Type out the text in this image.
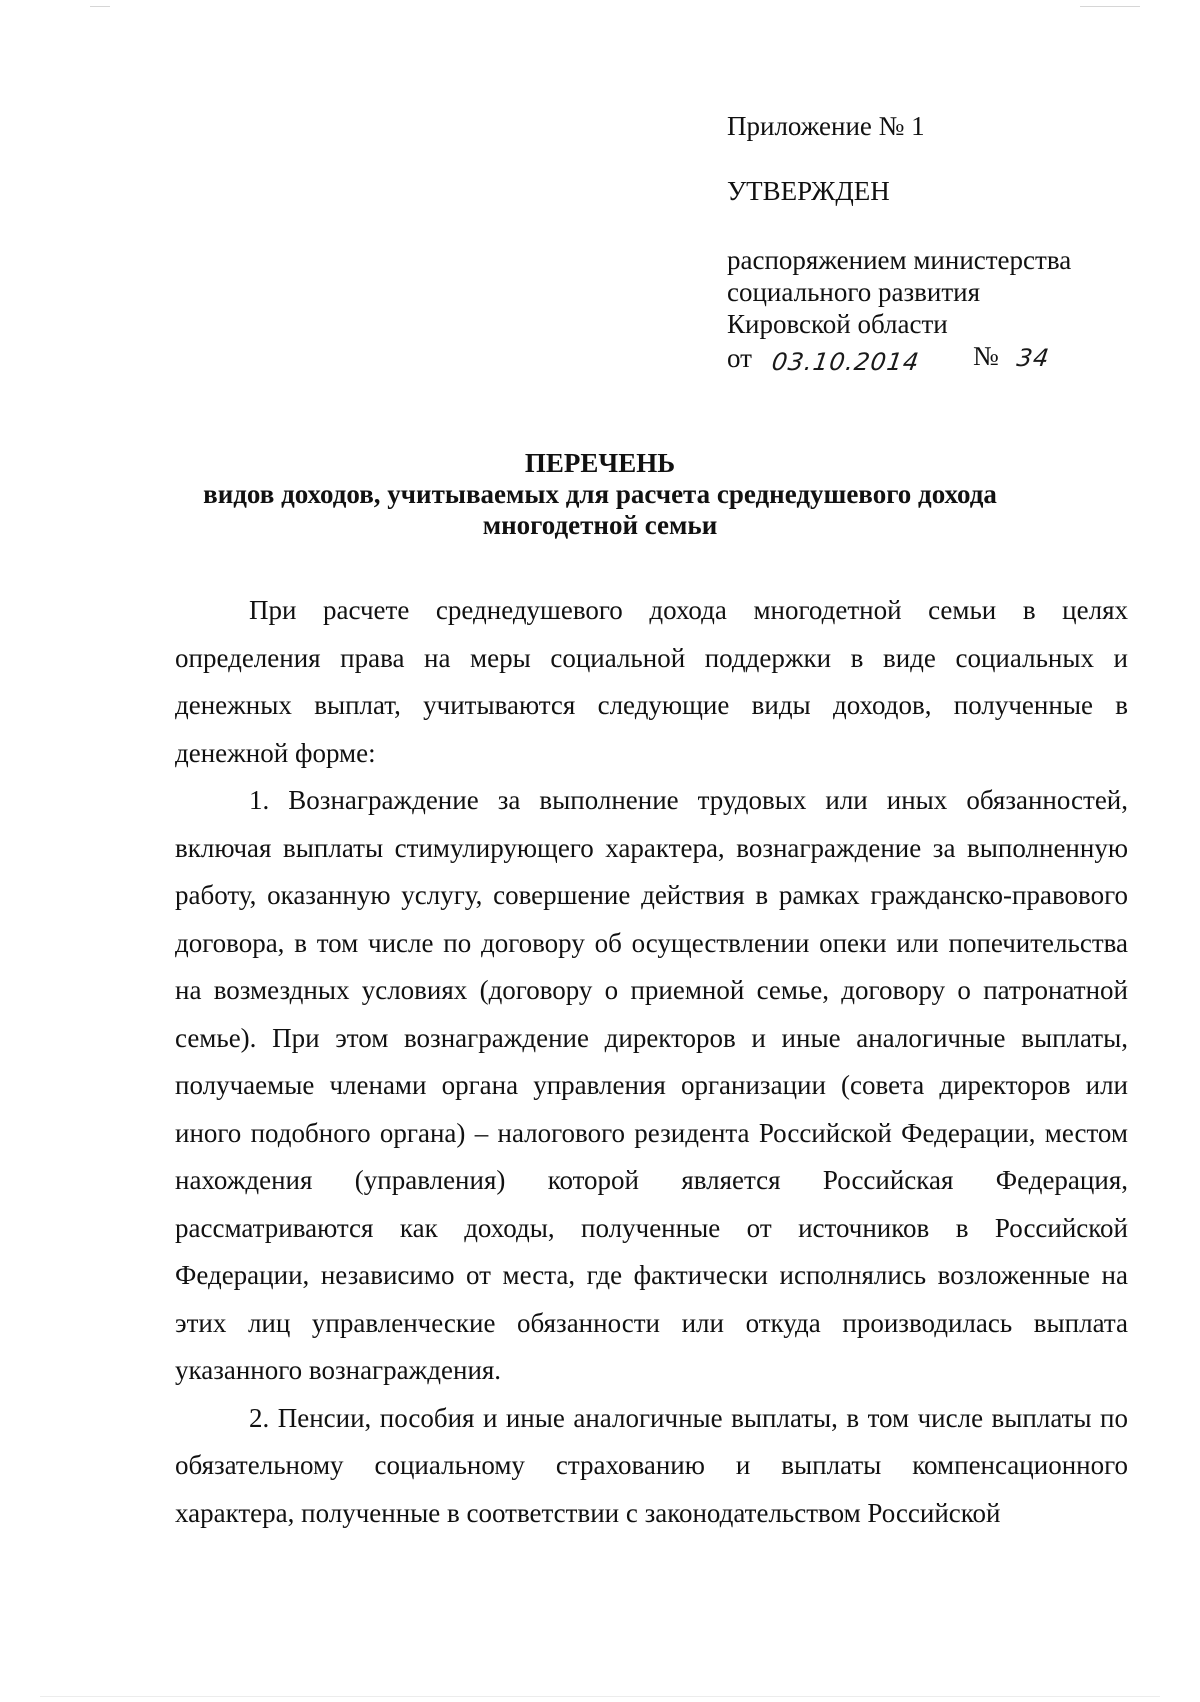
Приложение № 1
УТВЕРЖДЕН
распоряжением министерства
социального развития
Кировской области
от 03.10.2014 № 34
ПЕРЕЧЕНЬ
видов доходов, учитываемых для расчета среднедушевого дохода
многодетной семьи

При расчете среднедушевого дохода многодетной семьи в целях определения права на меры социальной поддержки в виде социальных и денежных выплат, учитываются следующие виды доходов, полученные в денежной форме:

1. Вознаграждение за выполнение трудовых или иных обязанностей, включая выплаты стимулирующего характера, вознаграждение за выполненную работу, оказанную услугу, совершение действия в рамках гражданско-правового договора, в том числе по договору об осуществлении опеки или попечительства на возмездных условиях (договору о приемной семье, договору о патронатной семье). При этом вознаграждение директоров и иные аналогичные выплаты, получаемые членами органа управления организации (совета директоров или иного подобного органа) – налогового резидента Российской Федерации, местом нахождения (управления) которой является Российская Федерация, рассматриваются как доходы, полученные от источников в Российской Федерации, независимо от места, где фактически исполнялись возложенные на этих лиц управленческие обязанности или откуда производилась выплата указанного вознаграждения.

2. Пенсии, пособия и иные аналогичные выплаты, в том числе выплаты по обязательному социальному страхованию и выплаты компенсационного характера, полученные в соответствии с законодательством Российской
